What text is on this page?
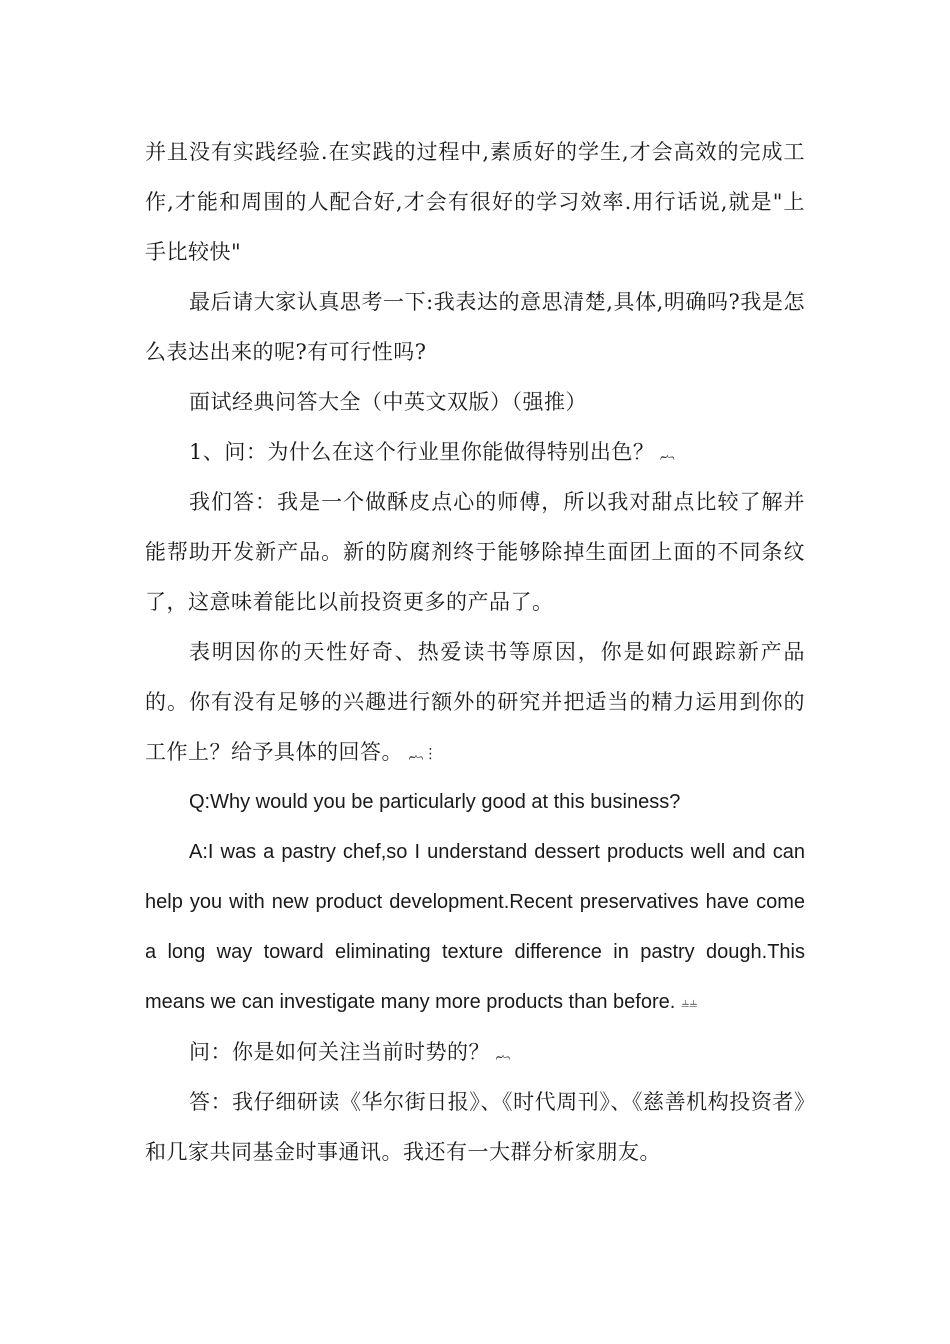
并且没有实践经验.在实践的过程中,素质好的学生,才会高效的完成工作,才能和周围的人配合好,才会有很好的学习效率.用行话说,就是"上手比较快"

最后请大家认真思考一下:我表达的意思清楚,具体,明确吗?我是怎么表达出来的呢?有可行性吗?

面试经典问答大全（中英文双版）（强推）

1、问：为什么在这个行业里你能做得特别出色？ ︷

我们答：我是一个做酥皮点心的师傅，所以我对甜点比较了解并能帮助开发新产品。新的防腐剂终于能够除掉生面团上面的不同条纹了，这意味着能比以前投资更多的产品了。

表明因你的天性好奇、热爱读书等原因，你是如何跟踪新产品的。你有没有足够的兴趣进行额外的研究并把适当的精力运用到你的工作上？给予具体的回答。 ︷⋮

Q:Why would you be particularly good at this business?

A:I was a pastry chef,so I understand dessert products well and can help you with new product development.Recent preservatives have come a long way toward eliminating texture difference in pastry dough.This means we can investigate many more products than before. ⫨⫨

问：你是如何关注当前时势的？ ︷

答：我仔细研读《华尔街日报》、《时代周刊》、《慈善机构投资者》和几家共同基金时事通讯。我还有一大群分析家朋友。
